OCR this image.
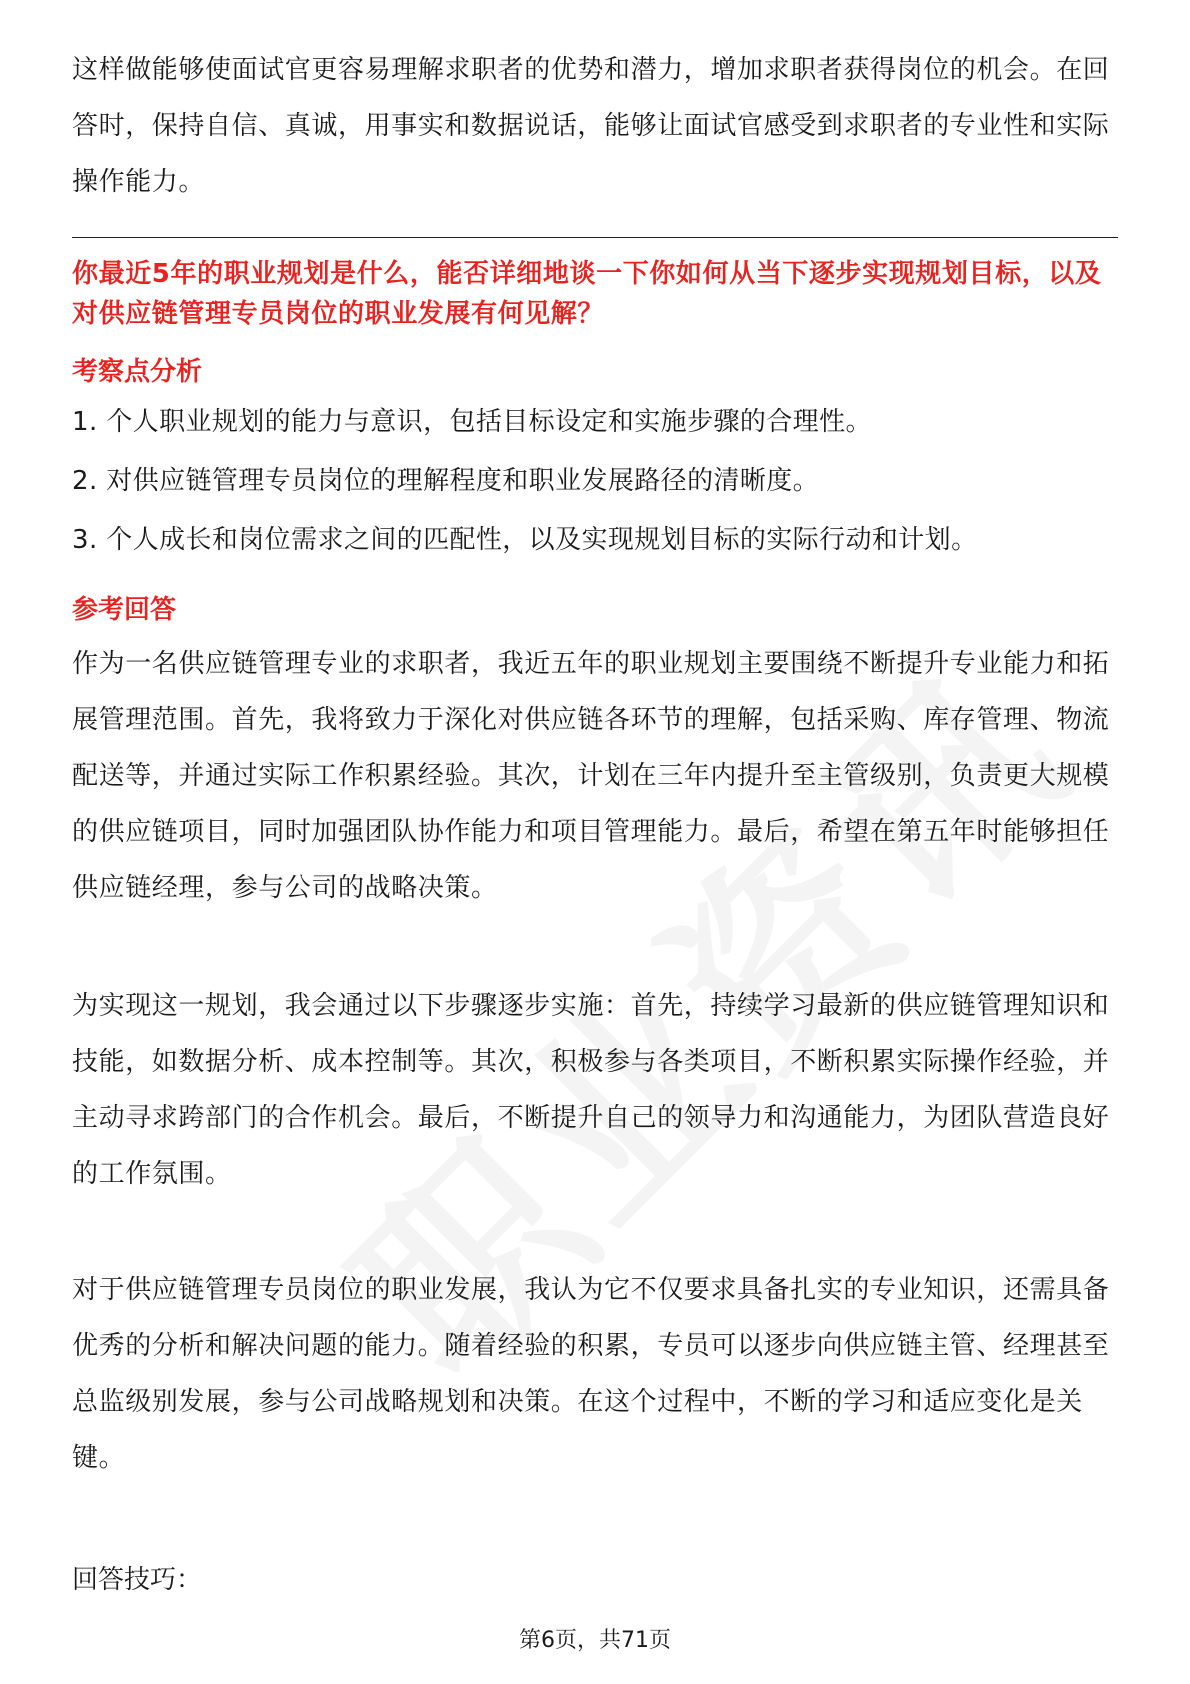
这样做能够使面试官更容易理解求职者的优势和潜力，增加求职者获得岗位的机会。在回答时，保持自信、真诚，用事实和数据说话，能够让面试官感受到求职者的专业性和实际操作能力。

你最近5年的职业规划是什么，能否详细地谈一下你如何从当下逐步实现规划目标，以及对供应链管理专员岗位的职业发展有何见解？

考察点分析

1. 个人职业规划的能力与意识，包括目标设定和实施步骤的合理性。

2. 对供应链管理专员岗位的理解程度和职业发展路径的清晰度。

3. 个人成长和岗位需求之间的匹配性，以及实现规划目标的实际行动和计划。

参考回答

作为一名供应链管理专业的求职者，我近五年的职业规划主要围绕不断提升专业能力和拓展管理范围。首先，我将致力于深化对供应链各环节的理解，包括采购、库存管理、物流配送等，并通过实际工作积累经验。其次，计划在三年内提升至主管级别，负责更大规模的供应链项目，同时加强团队协作能力和项目管理能力。最后，希望在第五年时能够担任供应链经理，参与公司的战略决策。

为实现这一规划，我会通过以下步骤逐步实施：首先，持续学习最新的供应链管理知识和技能，如数据分析、成本控制等。其次，积极参与各类项目，不断积累实际操作经验，并主动寻求跨部门的合作机会。最后，不断提升自己的领导力和沟通能力，为团队营造良好的工作氛围。

对于供应链管理专员岗位的职业发展，我认为它不仅要求具备扎实的专业知识，还需具备优秀的分析和解决问题的能力。随着经验的积累，专员可以逐步向供应链主管、经理甚至总监级别发展，参与公司战略规划和决策。在这个过程中，不断的学习和适应变化是关键。

回答技巧：

第6页，共71页
